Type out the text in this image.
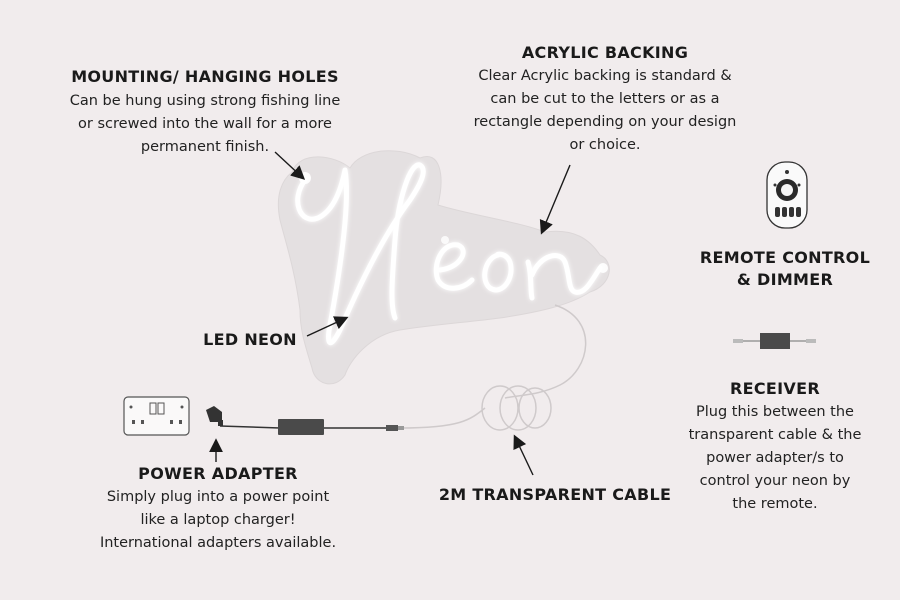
MOUNTING/ HANGING HOLES
Can be hung using strong fishing line
or screwed into the wall for a more
permanent finish.
ACRYLIC BACKING
Clear Acrylic backing is standard &
can be cut to the letters or as a
rectangle depending on your design
or choice.
REMOTE CONTROL
& DIMMER
LED NEON
RECEIVER
Plug this between the
transparent cable & the
power adapter/s to
control your neon by
the remote.
POWER ADAPTER
Simply plug into a power point
like a laptop charger!
International adapters available.
2M TRANSPARENT CABLE
